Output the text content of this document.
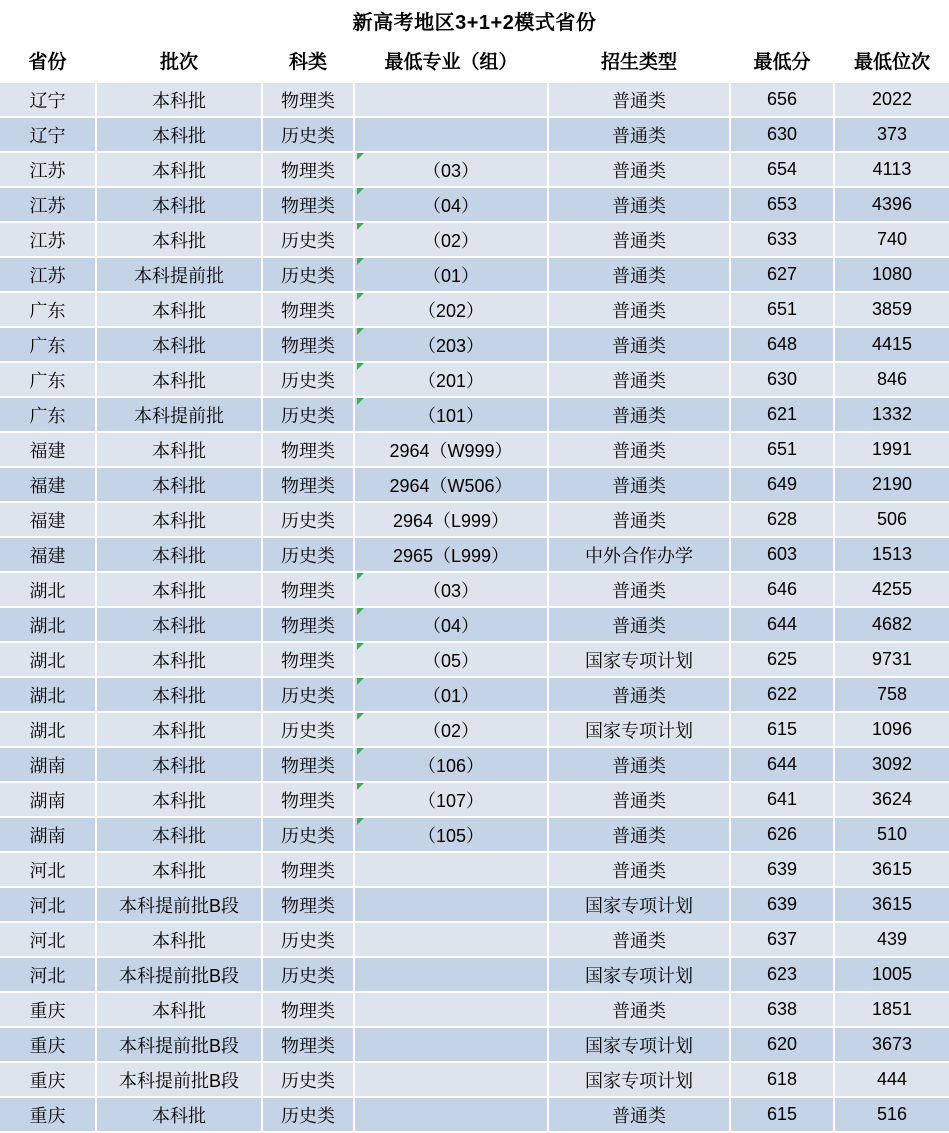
新高考地区3+1+2模式省份
省份	批次	科类	最低专业（组）	招生类型	最低分	最低位次
辽宁	本科批	物理类		普通类	656	2022
辽宁	本科批	历史类		普通类	630	373
江苏	本科批	物理类	（03）	普通类	654	4113
江苏	本科批	物理类	（04）	普通类	653	4396
江苏	本科批	历史类	（02）	普通类	633	740
江苏	本科提前批	历史类	（01）	普通类	627	1080
广东	本科批	物理类	（202）	普通类	651	3859
广东	本科批	物理类	（203）	普通类	648	4415
广东	本科批	历史类	（201）	普通类	630	846
广东	本科提前批	历史类	（101）	普通类	621	1332
福建	本科批	物理类	2964（W999）	普通类	651	1991
福建	本科批	物理类	2964（W506）	普通类	649	2190
福建	本科批	历史类	2964（L999）	普通类	628	506
福建	本科批	历史类	2965（L999）	中外合作办学	603	1513
湖北	本科批	物理类	（03）	普通类	646	4255
湖北	本科批	物理类	（04）	普通类	644	4682
湖北	本科批	物理类	（05）	国家专项计划	625	9731
湖北	本科批	历史类	（01）	普通类	622	758
湖北	本科批	历史类	（02）	国家专项计划	615	1096
湖南	本科批	物理类	（106）	普通类	644	3092
湖南	本科批	物理类	（107）	普通类	641	3624
湖南	本科批	历史类	（105）	普通类	626	510
河北	本科批	物理类		普通类	639	3615
河北	本科提前批B段	物理类		国家专项计划	639	3615
河北	本科批	历史类		普通类	637	439
河北	本科提前批B段	历史类		国家专项计划	623	1005
重庆	本科批	物理类		普通类	638	1851
重庆	本科提前批B段	物理类		国家专项计划	620	3673
重庆	本科提前批B段	历史类		国家专项计划	618	444
重庆	本科批	历史类		普通类	615	516
